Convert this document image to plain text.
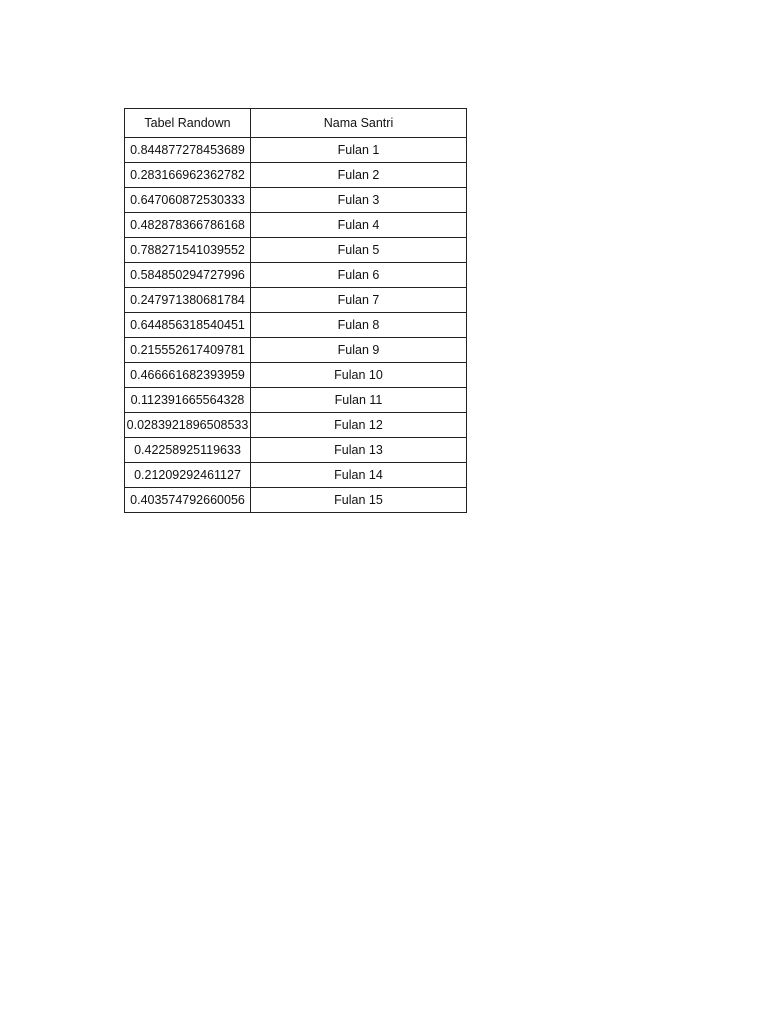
Tabel Randown	Nama Santri
0.844877278453689	Fulan 1
0.283166962362782	Fulan 2
0.647060872530333	Fulan 3
0.482878366786168	Fulan 4
0.788271541039552	Fulan 5
0.584850294727996	Fulan 6
0.247971380681784	Fulan 7
0.644856318540451	Fulan 8
0.215552617409781	Fulan 9
0.466661682393959	Fulan 10
0.112391665564328	Fulan 11
0.0283921896508533	Fulan 12
0.42258925119633	Fulan 13
0.21209292461127	Fulan 14
0.403574792660056	Fulan 15
